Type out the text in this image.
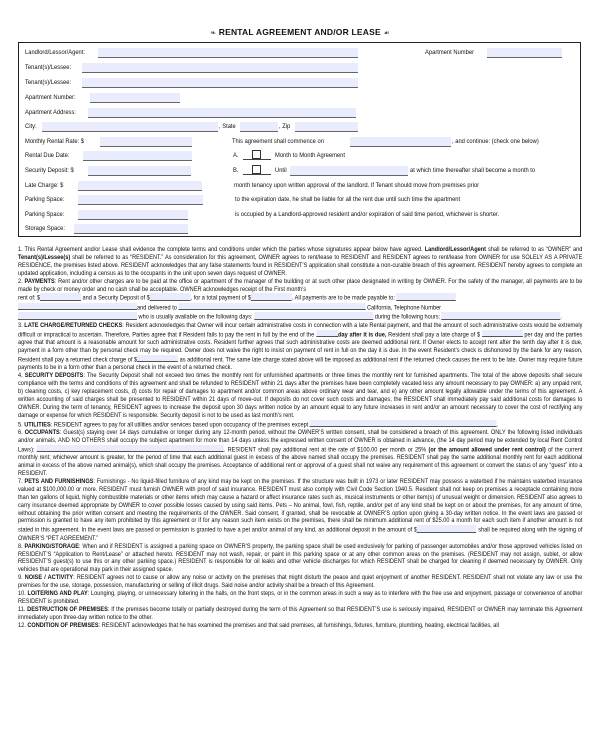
❧ RENTAL AGREEMENT AND/OR LEASE ☙
Landlord/Lessor/Agent:	Apartment Number
Tenant(s)/Lessee:
Tenant(s)/Lessee:
Apartment Number:
Apartment Address:
City:	, State	, Zip
Monthly Rental Rate: $
Rental Due Date:
Security Deposit: $
Late Charge: $
Parking Space:
Parking Space:
Storage Space:
This agreement shall commence on	, and continue: (check one below)
A.	Month to Month Agreement
B.	Until	at which time thereafter shall become a month to
month tenancy upon written approval of the landlord. If Tenant should move from premises prior
to the expiration date, he shall be liable for all the rent due until such time the apartment
is occupied by a Landlord-approved resident and/or expiration of said time period, whichever is shorter.

1. This Rental Agreement and/or Lease shall evidence the complete terms and conditions under which the parties whose signatures appear below have agreed. Landlord/Lessor/Agent shall be referred to as “OWNER” and Tenant(s)/Lessee(s) shall be referred to as “RESIDENT.” As consideration for this agreement, OWNER agrees to rent/lease to RESIDENT and RESIDENT agrees to rent/lease from OWNER for use SOLELY AS A PRIVATE RESIDENCE, the premises listed above. RESIDENT acknowledges that any false statements found in RESIDENT’S application shall constitute a non-curable breach of this agreement. RESIDENT hereby agrees to complete an updated application, including a census as to the occupants in the unit upon seven days request of OWNER.

2. PAYMENTS: Rent and/or other charges are to be paid at the office or apartment of the manager of the building or at such other place designated in writing by OWNER. For the safety of the manager, all payments are to be made by check or money order and no cash shall be acceptable. OWNER acknowledges receipt of the First month’s
rent of: $	and a Security Deposit of $	, for a total payment of $	. All payments are to be made payable to:
and delivered to	California, Telephone Number
who is usually available on the following days:	during the following hours:	.

3. LATE CHARGE/RETURNED CHECKS: Resident acknowledges that Owner will incur certain administrative costs in connection with a late Rental payment, and that the amount of such administrative costs would be extremely difficult or impractical to ascertain. Therefore, Parties agree that if Resident fails to pay the rent in full by the end of the	day after it is due, Resident shall pay a late charge of $	per day and the parties agree that that amount is a reasonable amount for such administrative costs. Resident further agrees that such administrative costs are deemed additional rent. If Owner elects to accept rent after the tenth day after it is due, payment in a form other than by personal check may be required. Owner does not waive the right to insist on payment of rent in full on the day it is due. In the event Resident’s check is dishonored by the bank for any reason, Resident shall pay a returned check charge of $	as additional rent. The same late charge stated above will be imposed as additional rent if the returned check causes the rent to be late. Owner may require future payments to be in a form other than a personal check in the event of a returned check.

4. SECURITY DEPOSITS: The Security Deposit shall not exceed two times the monthly rent for unfurnished apartments or three times the monthly rent for furnished apartments. The total of the above deposits shall secure compliance with the terms and conditions of this agreement and shall be refunded to RESIDENT within 21 days after the premises have been completely vacated less any amount necessary to pay OWNER: a) any unpaid rent, b) cleaning costs, c) key replacement costs, d) costs for repair of damages to apartment and/or common areas above ordinary wear and tear, and e) any other amount legally allowable under the terms of this agreement. A written accounting of said charges shall be presented to RESIDENT within 21 days of move-out. If deposits do not cover such costs and damages, the RESIDENT shall immediately pay said additional costs for damages to OWNER. During the term of tenancy, RESIDENT agrees to increase the deposit upon 30 days written notice by an amount equal to any future increases in rent and/or an amount necessary to cover the cost of rectifying any damage or expense for which RESIDENT is responsible. Security deposit is not to be used as last month’s rent.

5. UTILITIES: RESIDENT agrees to pay for all utilities and/or services based upon occupancy of the premises except	.

6. OCCUPANTS: Guest(s) staying over 14 days cumulative or longer during any 12-month period, without the OWNER’S written consent, shall be considered a breach of this agreement. ONLY the following listed individuals and/or animals, AND NO OTHERS shall occupy the subject apartment for more than 14 days unless the expressed written consent of OWNER is obtained in advance, (the 14 day period may be extended by local Rent Control Laws):	. RESIDENT shall pay additional rent at the rate of $100.00 per month or 25% (or the amount allowed under rent control) of the current monthly rent; whichever amount is greater, for the period of time that each additional guest in excess of the above named shall occupy the premises. RESIDENT shall pay the same additional monthly rent for each additional animal in excess of the above named animal(s), which shall occupy the premises. Acceptance of additional rent or approval of a guest shall not waive any requirement of this agreement or convert the status of any “guest” into a RESIDENT.

7. PETS AND FURNISHINGS: Furnishings - No liquid-filled furniture of any kind may be kept on the premises. If the structure was built in 1973 or later RESIDENT may possess a waterbed if he maintains waterbed insurance valued at $100,000.00 or more. RESIDENT must furnish OWNER with proof of said insurance. RESIDENT must also comply with Civil Code Section 1940.5. Resident shall not keep on premises a receptacle containing more than ten gallons of liquid, highly combustible materials or other items which may cause a hazard or affect insurance rates such as, musical instruments or other item(s) of unusual weight or dimension. RESIDENT also agrees to carry insurance deemed appropriate by OWNER to cover possible losses caused by using said items. Pets – No animal, fowl, fish, reptile, and/or pet of any kind shall be kept on or about the premises, for any amount of time, without obtaining the prior written consent and meeting the requirements of the OWNER. Said consent, if granted, shall be revocable at OWNER’S option upon giving a 30-day written notice. In the event laws are passed or permission is granted to have any item prohibited by this agreement or if for any reason such item exists on the premises, there shall be minimum additional rent of $25.00 a month for each such item if another amount is not stated in this agreement. In the event laws are passed or permission is granted to have a pet and/or animal of any kind, an additional deposit in the amount of $	shall be required along with the signing of OWNER’S “PET AGREEMENT.”

8. PARKING/STORAGE: When and if RESIDENT is assigned a parking space on OWNER’S property, the parking space shall be used exclusively for parking of passenger automobiles and/or those approved vehicles listed on RESIDENT’S “Application to Rent/Lease” or attached hereto. RESIDENT may not wash, repair, or paint in this parking space or at any other common areas on the premises. (RESIDENT may not assign, sublet, or allow RESIDENT’S guest(s) to use this or any other parking space.) RESIDENT is responsible for oil leaks and other vehicle discharges for which RESIDENT shall be charged for cleaning if deemed necessary by OWNER. Only vehicles that are operational may park in their assigned space.

9. NOISE / ACTIVITY: RESIDENT agrees not to cause or allow any noise or activity on the premises that might disturb the peace and quiet enjoyment of another RESIDENT. RESIDENT shall not violate any law or use the premises for the use, storage, possession, manufacturing or selling of illicit drugs. Said noise and/or activity shall be a breach of this Agreement.

10. LOITERING AND PLAY: Lounging, playing, or unnecessary loitering in the halls, on the front steps, or in the common areas in such a way as to interfere with the free use and enjoyment, passage or convenience of another RESIDENT is prohibited.

11. DESTRUCTION OF PREMISES: If the premises become totally or partially destroyed during the term of this Agreement so that RESIDENT’S use is seriously impaired, RESIDENT or OWNER may terminate this Agreement immediately upon three-day written notice to the other.

12. CONDITION OF PREMISES: RESIDENT acknowledges that he has examined the premises and that said premises, all furnishings, fixtures, furniture, plumbing, heating, electrical facilities, all
